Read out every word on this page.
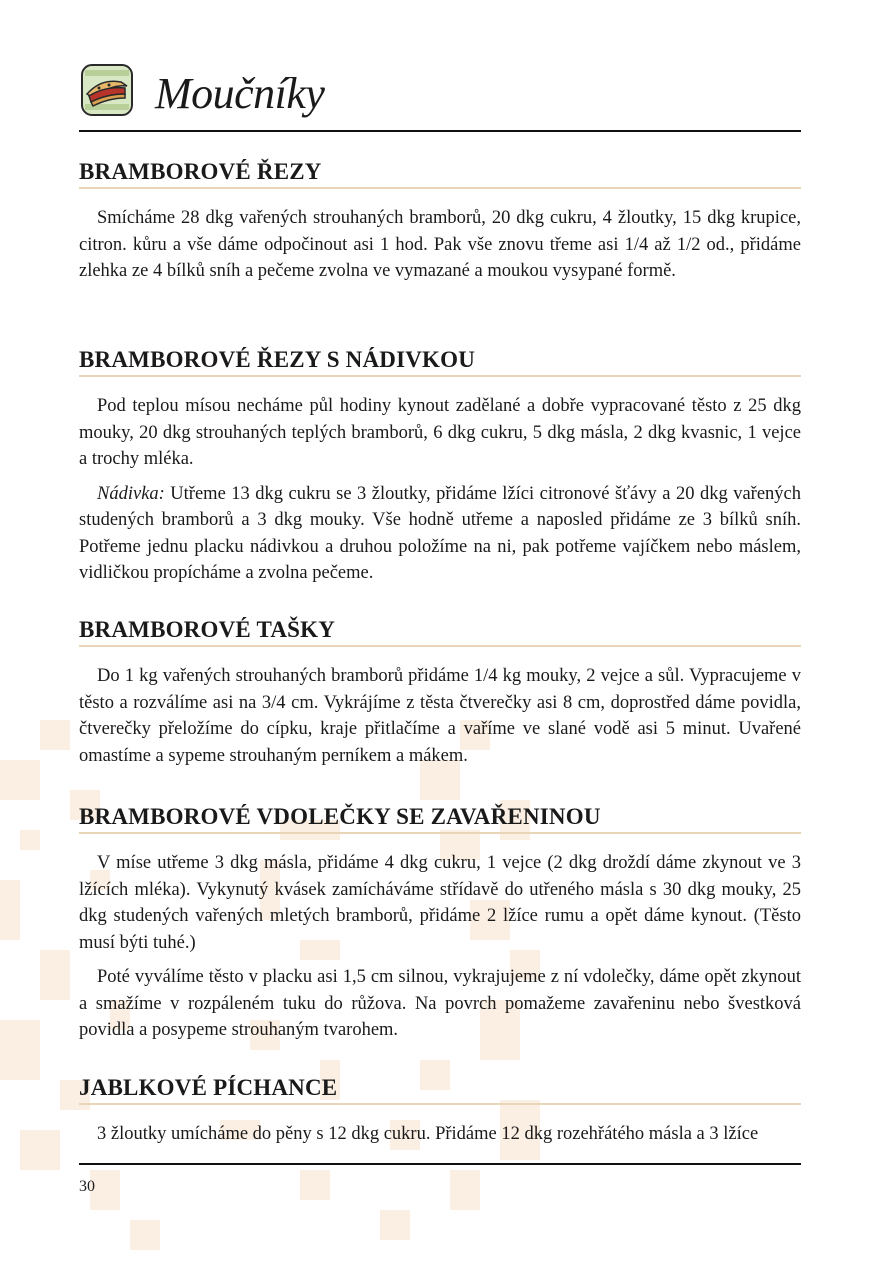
Moučníky
BRAMBOROVÉ ŘEZY

Smícháme 28 dkg vařených strouhaných bramborů, 20 dkg cukru, 4 žloutky, 15 dkg krupice, citron. kůru a vše dáme odpočinout asi 1 hod. Pak vše znovu třeme asi 1/4 až 1/2 od., přidáme zlehka ze 4 bílků sníh a pečeme zvolna ve vymazané a moukou vysypané formě.

BRAMBOROVÉ ŘEZY S NÁDIVKOU

Pod teplou mísou necháme půl hodiny kynout zadělané a dobře vypracované těsto z 25 dkg mouky, 20 dkg strouhaných teplých bramborů, 6 dkg cukru, 5 dkg másla, 2 dkg kvasnic, 1 vejce a trochy mléka.

Nádivka: Utřeme 13 dkg cukru se 3 žloutky, přidáme lžíci citronové šťávy a 20 dkg vařených studených bramborů a 3 dkg mouky. Vše hodně utřeme a naposled přidáme ze 3 bílků sníh. Potřeme jednu placku nádivkou a druhou položíme na ni, pak potřeme vajíčkem nebo máslem, vidličkou propícháme a zvolna pečeme.

BRAMBOROVÉ TAŠKY

Do 1 kg vařených strouhaných bramborů přidáme 1/4 kg mouky, 2 vejce a sůl. Vypracujeme v těsto a rozválíme asi na 3/4 cm. Vykrájíme z těsta čtverečky asi 8 cm, doprostřed dáme povidla, čtverečky přeložíme do cípku, kraje přitlačíme a vaříme ve slané vodě asi 5 minut. Uvařené omastíme a sypeme strouhaným perníkem a mákem.

BRAMBOROVÉ VDOLEČKY SE ZAVAŘENINOU

V míse utřeme 3 dkg másla, přidáme 4 dkg cukru, 1 vejce (2 dkg droždí dáme zkynout ve 3 lžících mléka). Vykynutý kvásek zamícháváme střídavě do utřeného másla s 30 dkg mouky, 25 dkg studených vařených mletých bramborů, přidáme 2 lžíce rumu a opět dáme kynout. (Těsto musí býti tuhé.)

Poté vyválíme těsto v placku asi 1,5 cm silnou, vykrajujeme z ní vdolečky, dáme opět zkynout a smažíme v rozpáleném tuku do růžova. Na povrch pomažeme zavařeninu nebo švestková povidla a posypeme strouhaným tvarohem.

JABLKOVÉ PÍCHANCE

3 žloutky umícháme do pěny s 12 dkg cukru. Přidáme 12 dkg rozehřátého másla a 3 lžíce

30
